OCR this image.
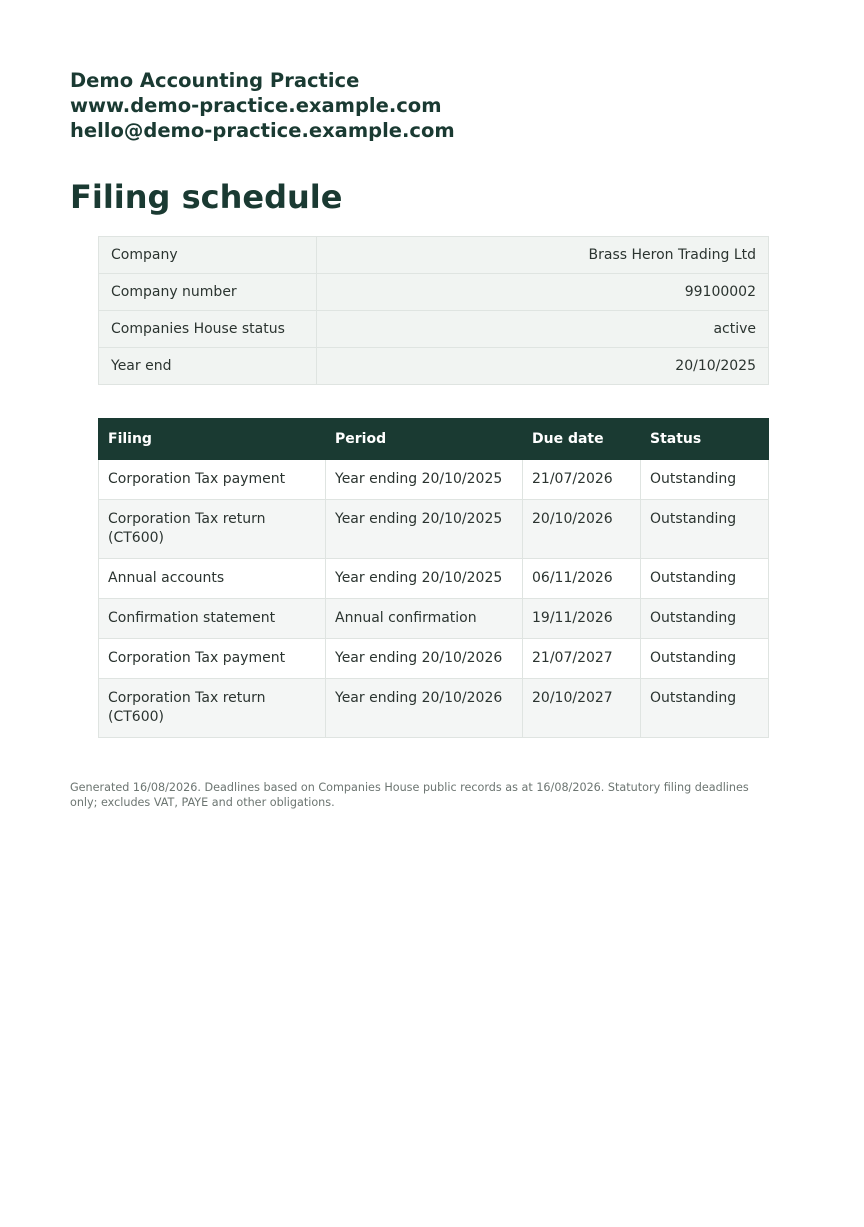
Demo Accounting Practice
www.demo-practice.example.com
hello@demo-practice.example.com
Filing schedule
Company	Brass Heron Trading Ltd
Company number	99100002
Companies House status	active
Year end	20/10/2025
Filing	Period	Due date	Status
Corporation Tax payment	Year ending 20/10/2025	21/07/2026	Outstanding
Corporation Tax return (CT600)	Year ending 20/10/2025	20/10/2026	Outstanding
Annual accounts	Year ending 20/10/2025	06/11/2026	Outstanding
Confirmation statement	Annual confirmation	19/11/2026	Outstanding
Corporation Tax payment	Year ending 20/10/2026	21/07/2027	Outstanding
Corporation Tax return (CT600)	Year ending 20/10/2026	20/10/2027	Outstanding
Generated 16/08/2026. Deadlines based on Companies House public records as at 16/08/2026. Statutory filing deadlines only; excludes VAT, PAYE and other obligations.
